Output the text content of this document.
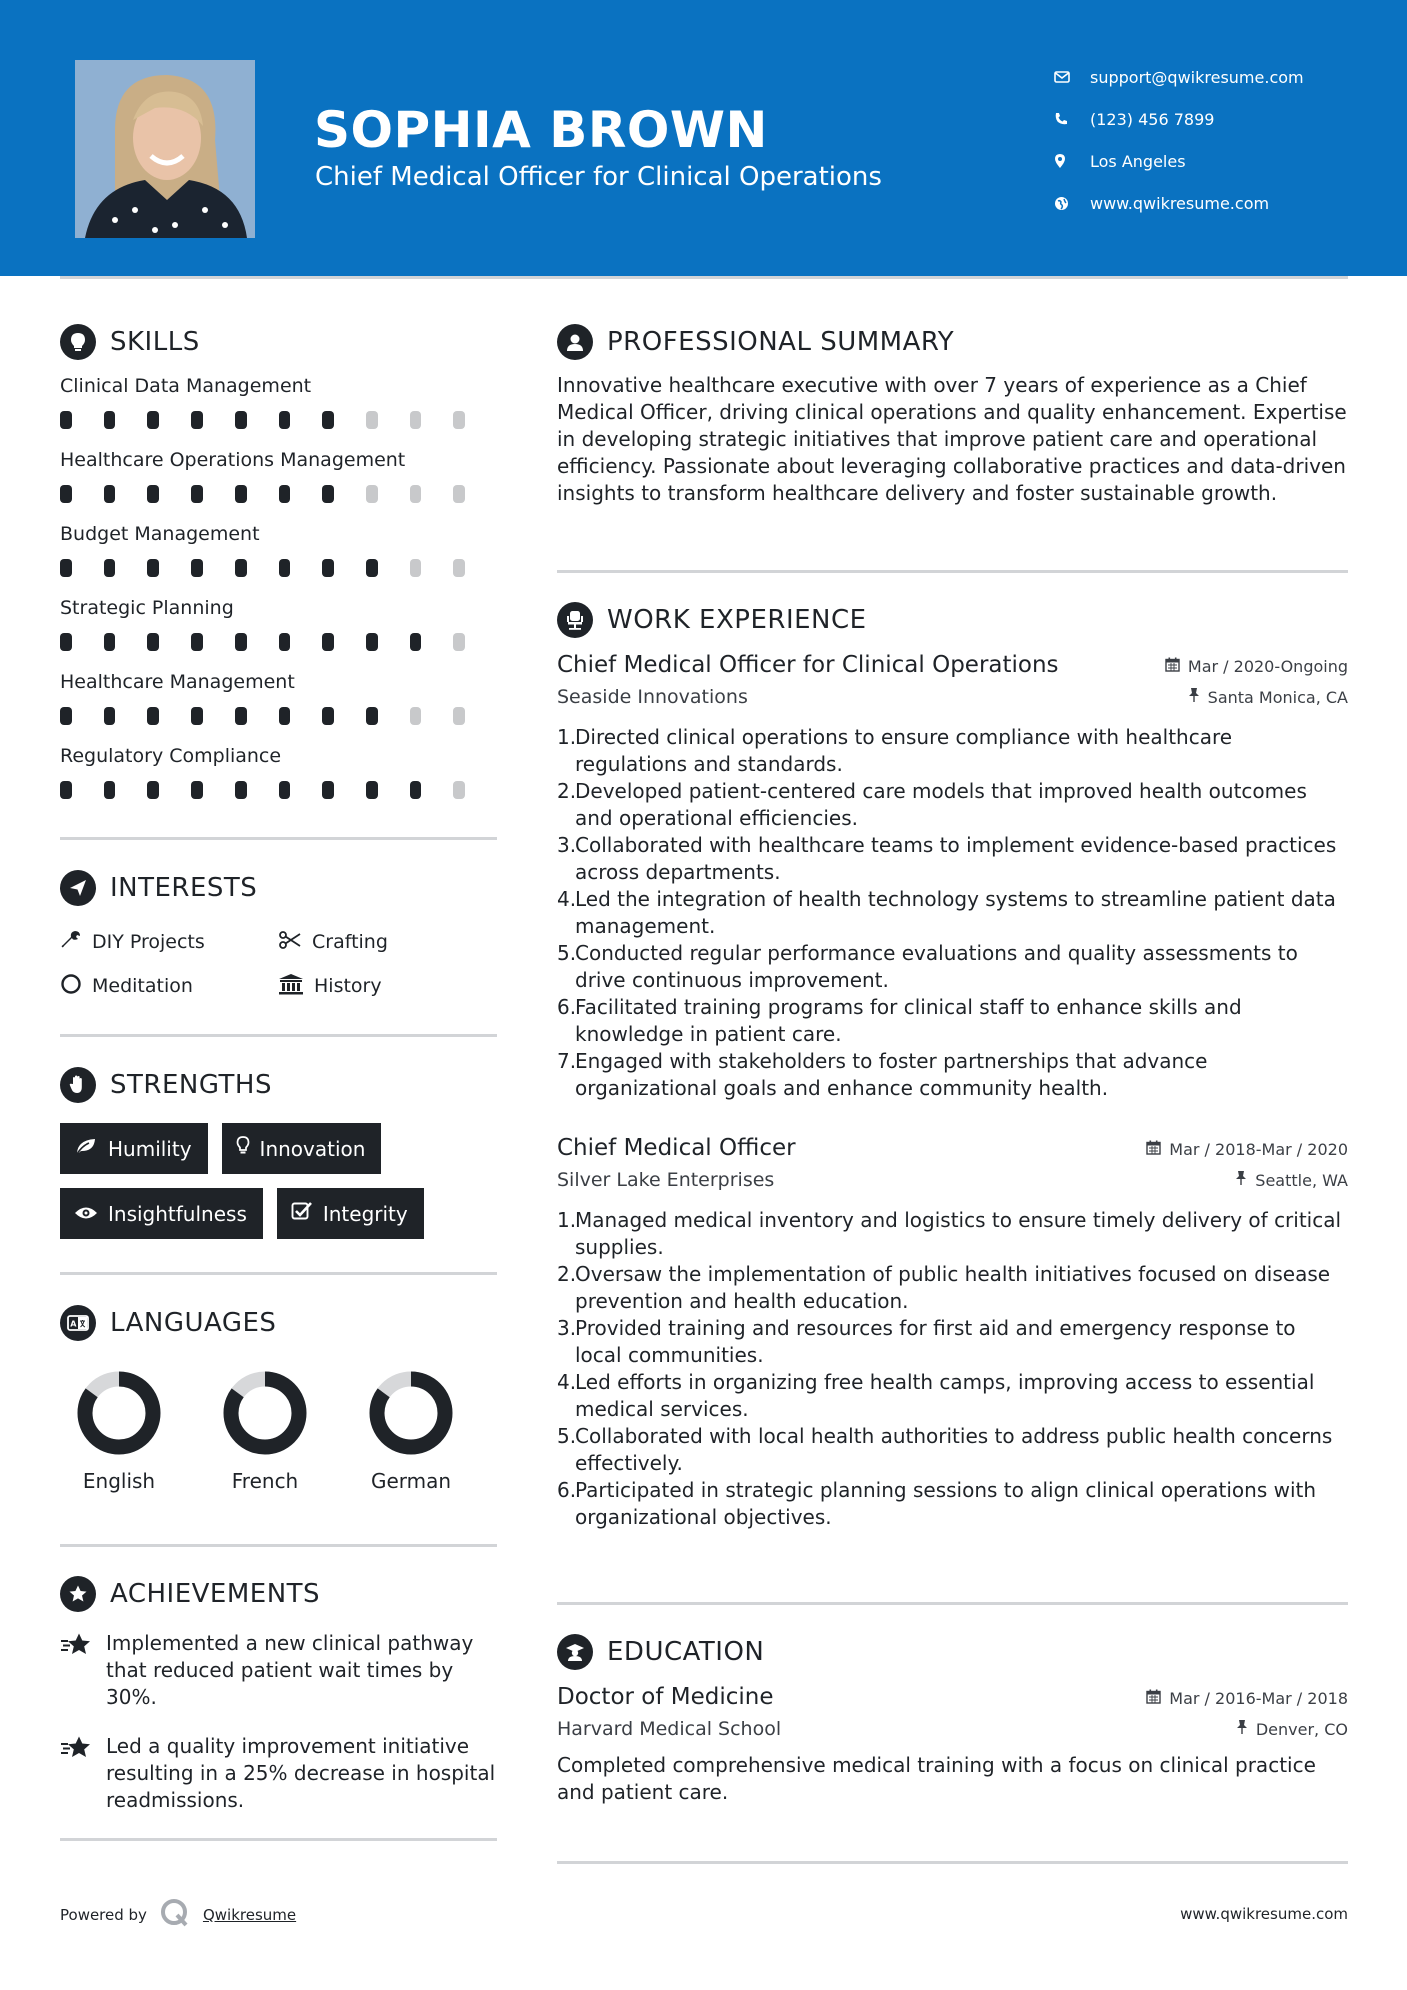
SOPHIA BROWN
Chief Medical Officer for Clinical Operations
support@qwikresume.com
(123) 456 7899
Los Angeles
www.qwikresume.com
SKILLS
Clinical Data Management
Healthcare Operations Management
Budget Management
Strategic Planning
Healthcare Management
Regulatory Compliance
INTERESTS
DIY Projects	Crafting
Meditation	History
STRENGTHS
Humility	Innovation
Insightfulness	Integrity
A LANGUAGES
English	French	German
ACHIEVEMENTS
Implemented a new clinical pathway that reduced patient wait times by 30%.
Led a quality improvement initiative resulting in a 25% decrease in hospital readmissions.
PROFESSIONAL SUMMARY
Innovative healthcare executive with over 7 years of experience as a Chief Medical Officer, driving clinical operations and quality enhancement. Expertise in developing strategic initiatives that improve patient care and operational efficiency. Passionate about leveraging collaborative practices and data-driven insights to transform healthcare delivery and foster sustainable growth.
WORK EXPERIENCE
Chief Medical Officer for Clinical Operations	Mar / 2020-Ongoing
Seaside Innovations	Santa Monica, CA
1.
Directed clinical operations to ensure compliance with healthcare regulations and standards.
2.
Developed patient-centered care models that improved health outcomes and operational efficiencies.
3.
Collaborated with healthcare teams to implement evidence-based practices across departments.
4.
Led the integration of health technology systems to streamline patient data management.
5.
Conducted regular performance evaluations and quality assessments to drive continuous improvement.
6.
Facilitated training programs for clinical staff to enhance skills and knowledge in patient care.
7.
Engaged with stakeholders to foster partnerships that advance organizational goals and enhance community health.
Chief Medical Officer	Mar / 2018-Mar / 2020
Silver Lake Enterprises	Seattle, WA
1.
Managed medical inventory and logistics to ensure timely delivery of critical supplies.
2.
Oversaw the implementation of public health initiatives focused on disease prevention and health education.
3.
Provided training and resources for first aid and emergency response to local communities.
4.
Led efforts in organizing free health camps, improving access to essential medical services.
5.
Collaborated with local health authorities to address public health concerns effectively.
6.
Participated in strategic planning sessions to align clinical operations with organizational objectives.
EDUCATION
Doctor of Medicine	Mar / 2016-Mar / 2018
Harvard Medical School	Denver, CO
Completed comprehensive medical training with a focus on clinical practice and patient care.
Powered by	Qwikresume	www.qwikresume.com
